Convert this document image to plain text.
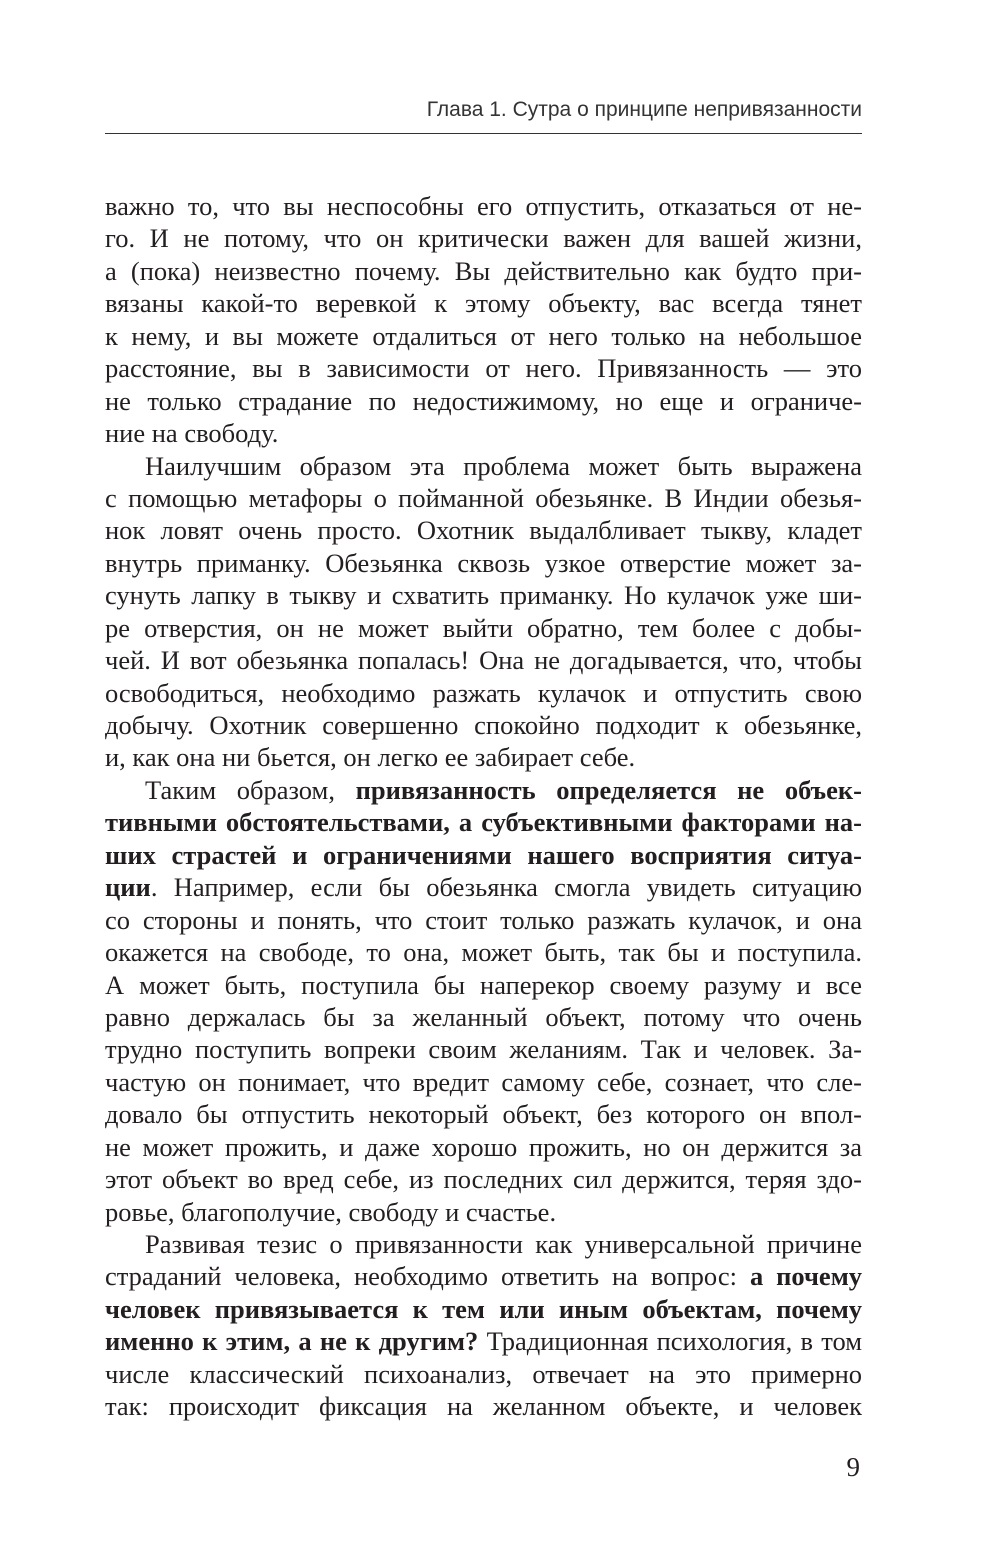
Глава 1. Сутра о принципе непривязанности
важно то, что вы неспособны его отпустить, отказаться от не-
го. И не потому, что он критически важен для вашей жизни,
а (пока) неизвестно почему. Вы действительно как будто при-
вязаны какой-то веревкой к этому объекту, вас всегда тянет
к нему, и вы можете отдалиться от него только на небольшое
расстояние, вы в зависимости от него. Привязанность — это
не только страдание по недостижимому, но еще и ограниче-
ние на свободу.
Наилучшим образом эта проблема может быть выражена
с помощью метафоры о пойманной обезьянке. В Индии обезья-
нок ловят очень просто. Охотник выдалбливает тыкву, кладет
внутрь приманку. Обезьянка сквозь узкое отверстие может за-
сунуть лапку в тыкву и схватить приманку. Но кулачок уже ши-
ре отверстия, он не может выйти обратно, тем более с добы-
чей. И вот обезьянка попалась! Она не догадывается, что, чтобы
освободиться, необходимо разжать кулачок и отпустить свою
добычу. Охотник совершенно спокойно подходит к обезьянке,
и, как она ни бьется, он легко ее забирает себе.
Таким образом, привязанность определяется не объек-
тивными обстоятельствами, а субъективными факторами на-
ших страстей и ограничениями нашего восприятия ситуа-
ции. Например, если бы обезьянка смогла увидеть ситуацию
со стороны и понять, что стоит только разжать кулачок, и она
окажется на свободе, то она, может быть, так бы и поступила.
А может быть, поступила бы наперекор своему разуму и все
равно держалась бы за желанный объект, потому что очень
трудно поступить вопреки своим желаниям. Так и человек. За-
частую он понимает, что вредит самому себе, сознает, что сле-
довало бы отпустить некоторый объект, без которого он впол-
не может прожить, и даже хорошо прожить, но он держится за
этот объект во вред себе, из последних сил держится, теряя здо-
ровье, благополучие, свободу и счастье.
Развивая тезис о привязанности как универсальной причине
страданий человека, необходимо ответить на вопрос: а почему
человек привязывается к тем или иным объектам, почему
именно к этим, а не к другим? Традиционная психология, в том
числе классический психоанализ, отвечает на это примерно
так: происходит фиксация на желанном объекте, и человек
9
